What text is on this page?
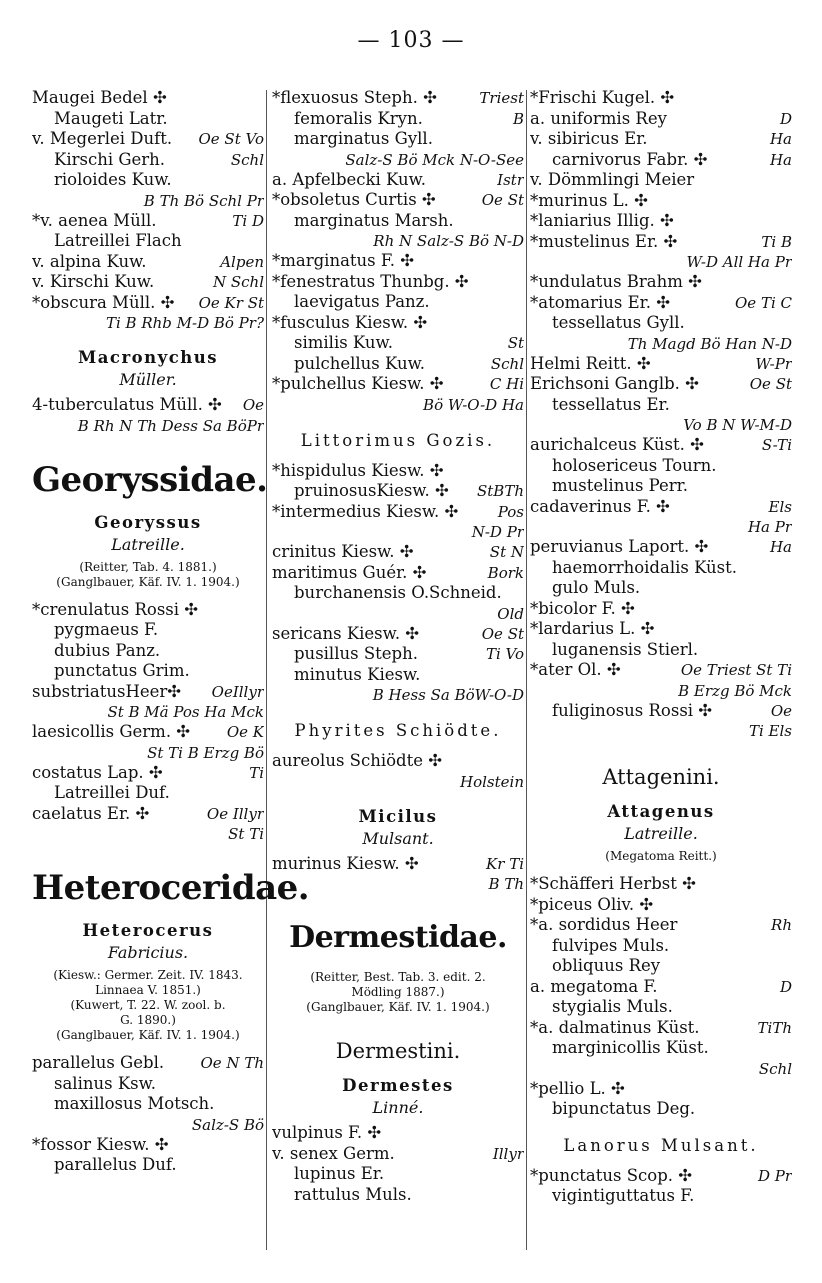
— 103 —
Maugei Bedel ✣
Maugeti Latr.
v. Megerlei Duft.	Oe St Vo
Kirschi Gerh.	Schl
rioloides Kuw.
B Th Bö Schl Pr
*v. aenea Müll.	Ti D
Latreillei Flach
v. alpina Kuw.	Alpen
v. Kirschi Kuw.	N Schl
*obscura Müll. ✣	Oe Kr St
Ti B Rhb M-D Bö Pr?
Macronychus
Müller.
4-tuberculatus Müll. ✣	Oe
B Rh N Th Dess Sa BöPr
Georyssidae.
Georyssus
Latreille.
(Reitter, Tab. 4. 1881.)
(Ganglbauer, Käf. IV. 1. 1904.)
*crenulatus Rossi ✣
pygmaeus F.
dubius Panz.
punctatus Grim.
substriatusHeer✣	OeIllyr
St B Mä Pos Ha Mck
laesicollis Germ. ✣	Oe K
St Ti B Erzg Bö
costatus Lap. ✣	Ti
Latreillei Duf.
caelatus Er. ✣	Oe Illyr
St Ti
Heteroceridae.
Heterocerus
Fabricius.
(Kiesw.: Germer. Zeit. IV. 1843.
Linnaea V. 1851.)
(Kuwert, T. 22. W. zool. b.
G. 1890.)
(Ganglbauer, Käf. IV. 1. 1904.)
parallelus Gebl.	Oe N Th
salinus Ksw.
maxillosus Motsch.
Salz-S Bö
*fossor Kiesw. ✣
parallelus Duf.
*flexuosus Steph. ✣	Triest
femoralis Kryn.	B
marginatus Gyll.
Salz-S Bö Mck N-O-See
a. Apfelbecki Kuw.	Istr
*obsoletus Curtis ✣	Oe St
marginatus Marsh.
Rh N Salz-S Bö N-D
*marginatus F. ✣
*fenestratus Thunbg. ✣
laevigatus Panz.
*fusculus Kiesw. ✣
similis Kuw.	St
pulchellus Kuw.	Schl
*pulchellus Kiesw. ✣	C Hi
Bö W-O-D Ha
Littorimus Gozis.
*hispidulus Kiesw. ✣
pruinosusKiesw. ✣	StBTh
*intermedius Kiesw. ✣	Pos
N-D Pr
crinitus Kiesw. ✣	St N
maritimus Guér. ✣	Bork
burchanensis O.Schneid.
Old
sericans Kiesw. ✣	Oe St
pusillus Steph.	Ti Vo
minutus Kiesw.
B Hess Sa BöW-O-D
Phyrites Schiödte.
aureolus Schiödte ✣
Holstein
Micilus
Mulsant.
murinus Kiesw. ✣	Kr Ti
B Th
Dermestidae.
(Reitter, Best. Tab. 3. edit. 2.
Mödling 1887.)
(Ganglbauer, Käf. IV. 1. 1904.)
Dermestini.
Dermestes
Linné.
vulpinus F. ✣
v. senex Germ.	Illyr
lupinus Er.
rattulus Muls.
*Frischi Kugel. ✣
a. uniformis Rey	D
v. sibiricus Er.	Ha
carnivorus Fabr. ✣	Ha
v. Dömmlingi Meier
*murinus L. ✣
*laniarius Illig. ✣
*mustelinus Er. ✣	Ti B
W-D All Ha Pr
*undulatus Brahm ✣
*atomarius Er. ✣	Oe Ti C
tessellatus Gyll.
Th Magd Bö Han N-D
Helmi Reitt. ✣	W-Pr
Erichsoni Ganglb. ✣	Oe St
tessellatus Er.
Vo B N W-M-D
aurichalceus Küst. ✣	S-Ti
holosericeus Tourn.
mustelinus Perr.
cadaverinus F. ✣	Els
Ha Pr
peruvianus Laport. ✣	Ha
haemorrhoidalis Küst.
gulo Muls.
*bicolor F. ✣
*lardarius L. ✣
luganensis Stierl.
*ater Ol. ✣	Oe Triest St Ti
B Erzg Bö Mck
fuliginosus Rossi ✣	Oe
Ti Els
Attagenini.
Attagenus
Latreille.
(Megatoma Reitt.)
*Schäfferi Herbst ✣
*piceus Oliv. ✣
*a. sordidus Heer	Rh
fulvipes Muls.
obliquus Rey
a. megatoma F.	D
stygialis Muls.
*a. dalmatinus Küst.	TiTh
marginicollis Küst.
Schl
*pellio L. ✣
bipunctatus Deg.
Lanorus Mulsant.
*punctatus Scop. ✣	D Pr
vigintiguttatus F.
